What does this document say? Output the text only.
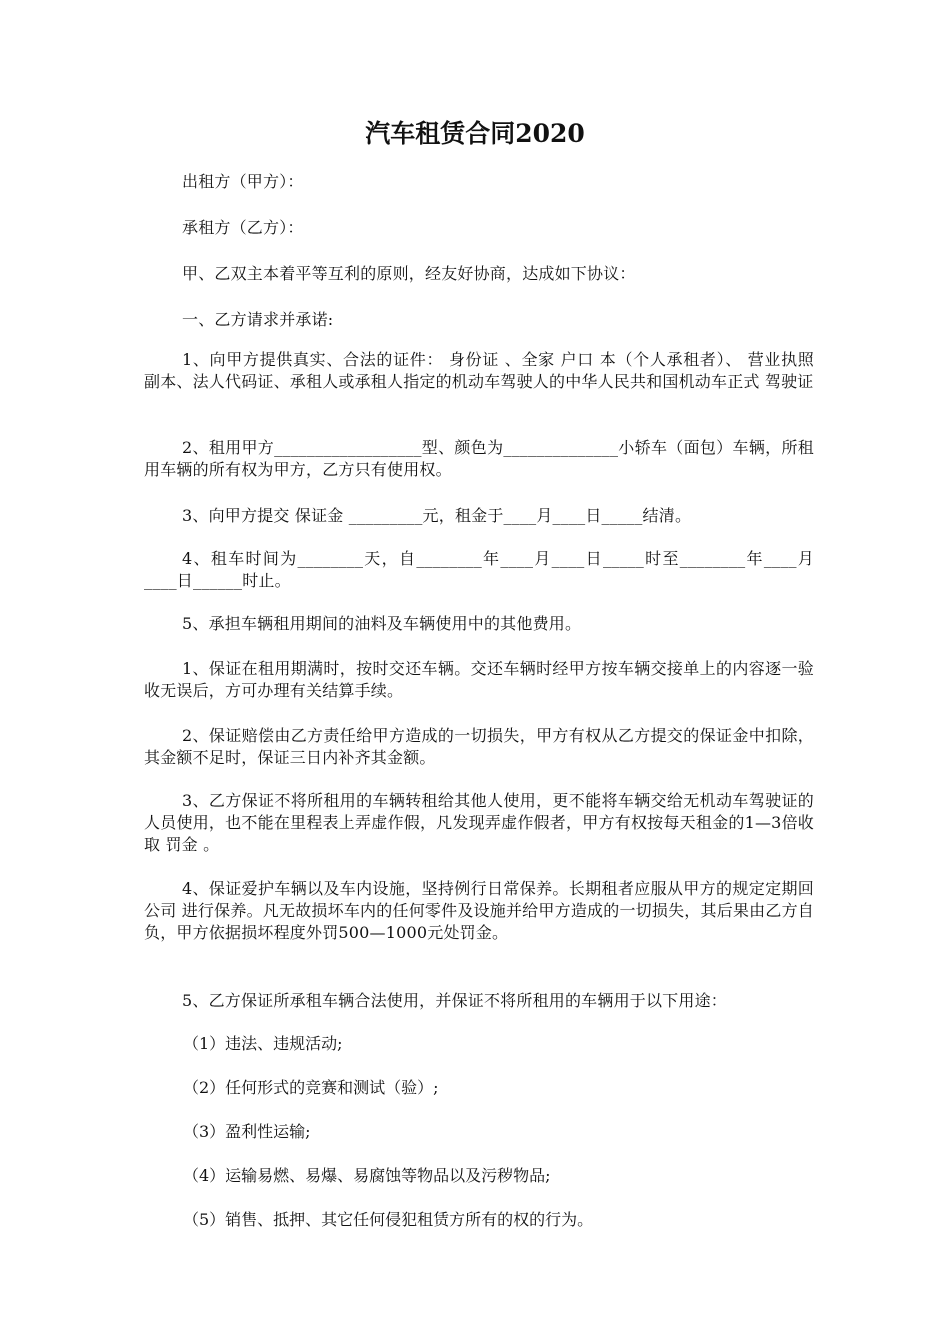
汽车租赁合同2020
出租方（甲方）：
承租方（乙方）：
甲、乙双主本着平等互利的原则，经友好协商，达成如下协议：
一、乙方请求并承诺:
1、向甲方提供真实、合法的证件： 身份证 、全家 户口 本（个人承租者）、 营业执照 副本、法人代码证、承租人或承租人指定的机动车驾驶人的中华人民共和国机动车正式 驾驶证
2、租用甲方__________________型、颜色为______________小轿车（面包）车辆，所租用车辆的所有权为甲方，乙方只有使用权。
3、向甲方提交 保证金 _________元，租金于____月____日_____结清。
4、租车时间为________天，自________年____月____日_____时至________年____月____日______时止。
5、承担车辆租用期间的油料及车辆使用中的其他费用。
1、保证在租用期满时，按时交还车辆。交还车辆时经甲方按车辆交接单上的内容逐一验收无误后，方可办理有关结算手续。
2、保证赔偿由乙方责任给甲方造成的一切损失，甲方有权从乙方提交的保证金中扣除，其金额不足时，保证三日内补齐其金额。
3、乙方保证不将所租用的车辆转租给其他人使用，更不能将车辆交给无机动车驾驶证的人员使用，也不能在里程表上弄虚作假，凡发现弄虚作假者，甲方有权按每天租金的1—3倍收取 罚金 。
4、保证爱护车辆以及车内设施，坚持例行日常保养。长期租者应服从甲方的规定定期回 公司 进行保养。凡无故损坏车内的任何零件及设施并给甲方造成的一切损失，其后果由乙方自负，甲方依据损坏程度外罚500—1000元处罚金。
5、乙方保证所承租车辆合法使用，并保证不将所租用的车辆用于以下用途：
（1）违法、违规活动;
（2）任何形式的竞赛和测试（验）;
（3）盈利性运输;
（4）运输易燃、易爆、易腐蚀等物品以及污秽物品;
（5）销售、抵押、其它任何侵犯租赁方所有的权的行为。
